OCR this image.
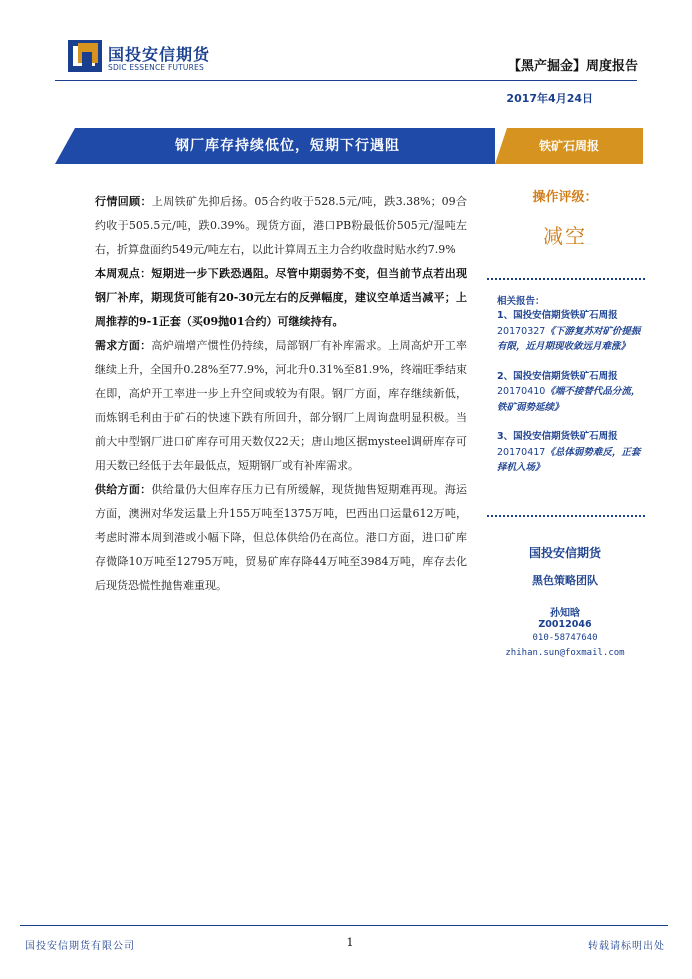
国投安信期货
SDIC ESSENCE FUTURES	【黑产掘金】周度报告
2017年4月24日
钢厂库存持续低位，短期下行遇阻	铁矿石周报

行情回顾：上周铁矿先抑后扬。05合约收于528.5元/吨，跌3.38%；09合约收于505.5元/吨，跌0.39%。现货方面，港口PB粉最低价505元/湿吨左右，折算盘面约549元/吨左右，以此计算周五主力合约收盘时贴水约7.9%

本周观点：短期进一步下跌恐遇阻。尽管中期弱势不变，但当前节点若出现钢厂补库，期现货可能有20-30元左右的反弹幅度，建议空单适当减平；上周推荐的9-1正套（买09抛01合约）可继续持有。

需求方面：高炉端增产惯性仍持续，局部钢厂有补库需求。上周高炉开工率继续上升，全国升0.28%至77.9%，河北升0.31%至81.9%，终端旺季结束在即，高炉开工率进一步上升空间或较为有限。钢厂方面，库存继续新低，而炼钢毛利由于矿石的快速下跌有所回升，部分钢厂上周询盘明显积极。当前大中型钢厂进口矿库存可用天数仅22天；唐山地区据mysteel调研库存可用天数已经低于去年最低点，短期钢厂或有补库需求。

供给方面：供给量仍大但库存压力已有所缓解，现货抛售短期难再现。海运方面，澳洲对华发运量上升155万吨至1375万吨，巴西出口运量612万吨，考虑时滞本周到港或小幅下降，但总体供给仍在高位。港口方面，进口矿库存微降10万吨至12795万吨，贸易矿库存降44万吨至3984万吨，库存去化后现货恐慌性抛售难重现。

操作评级：
减空
相关报告：
1、国投安信期货铁矿石周报
20170327《下游复苏对矿价提振有限，近月期现收敛远月难涨》
2、国投安信期货铁矿石周报
20170410《端不接替代品分流，铁矿弱势延续》
3、国投安信期货铁矿石周报
20170417《总体弱势难反，正套择机入场》
国投安信期货
黑色策略团队
孙知晗
Z0012046
010-58747640
zhihan.sun@foxmail.com
国投安信期货有限公司	1	转载请标明出处
